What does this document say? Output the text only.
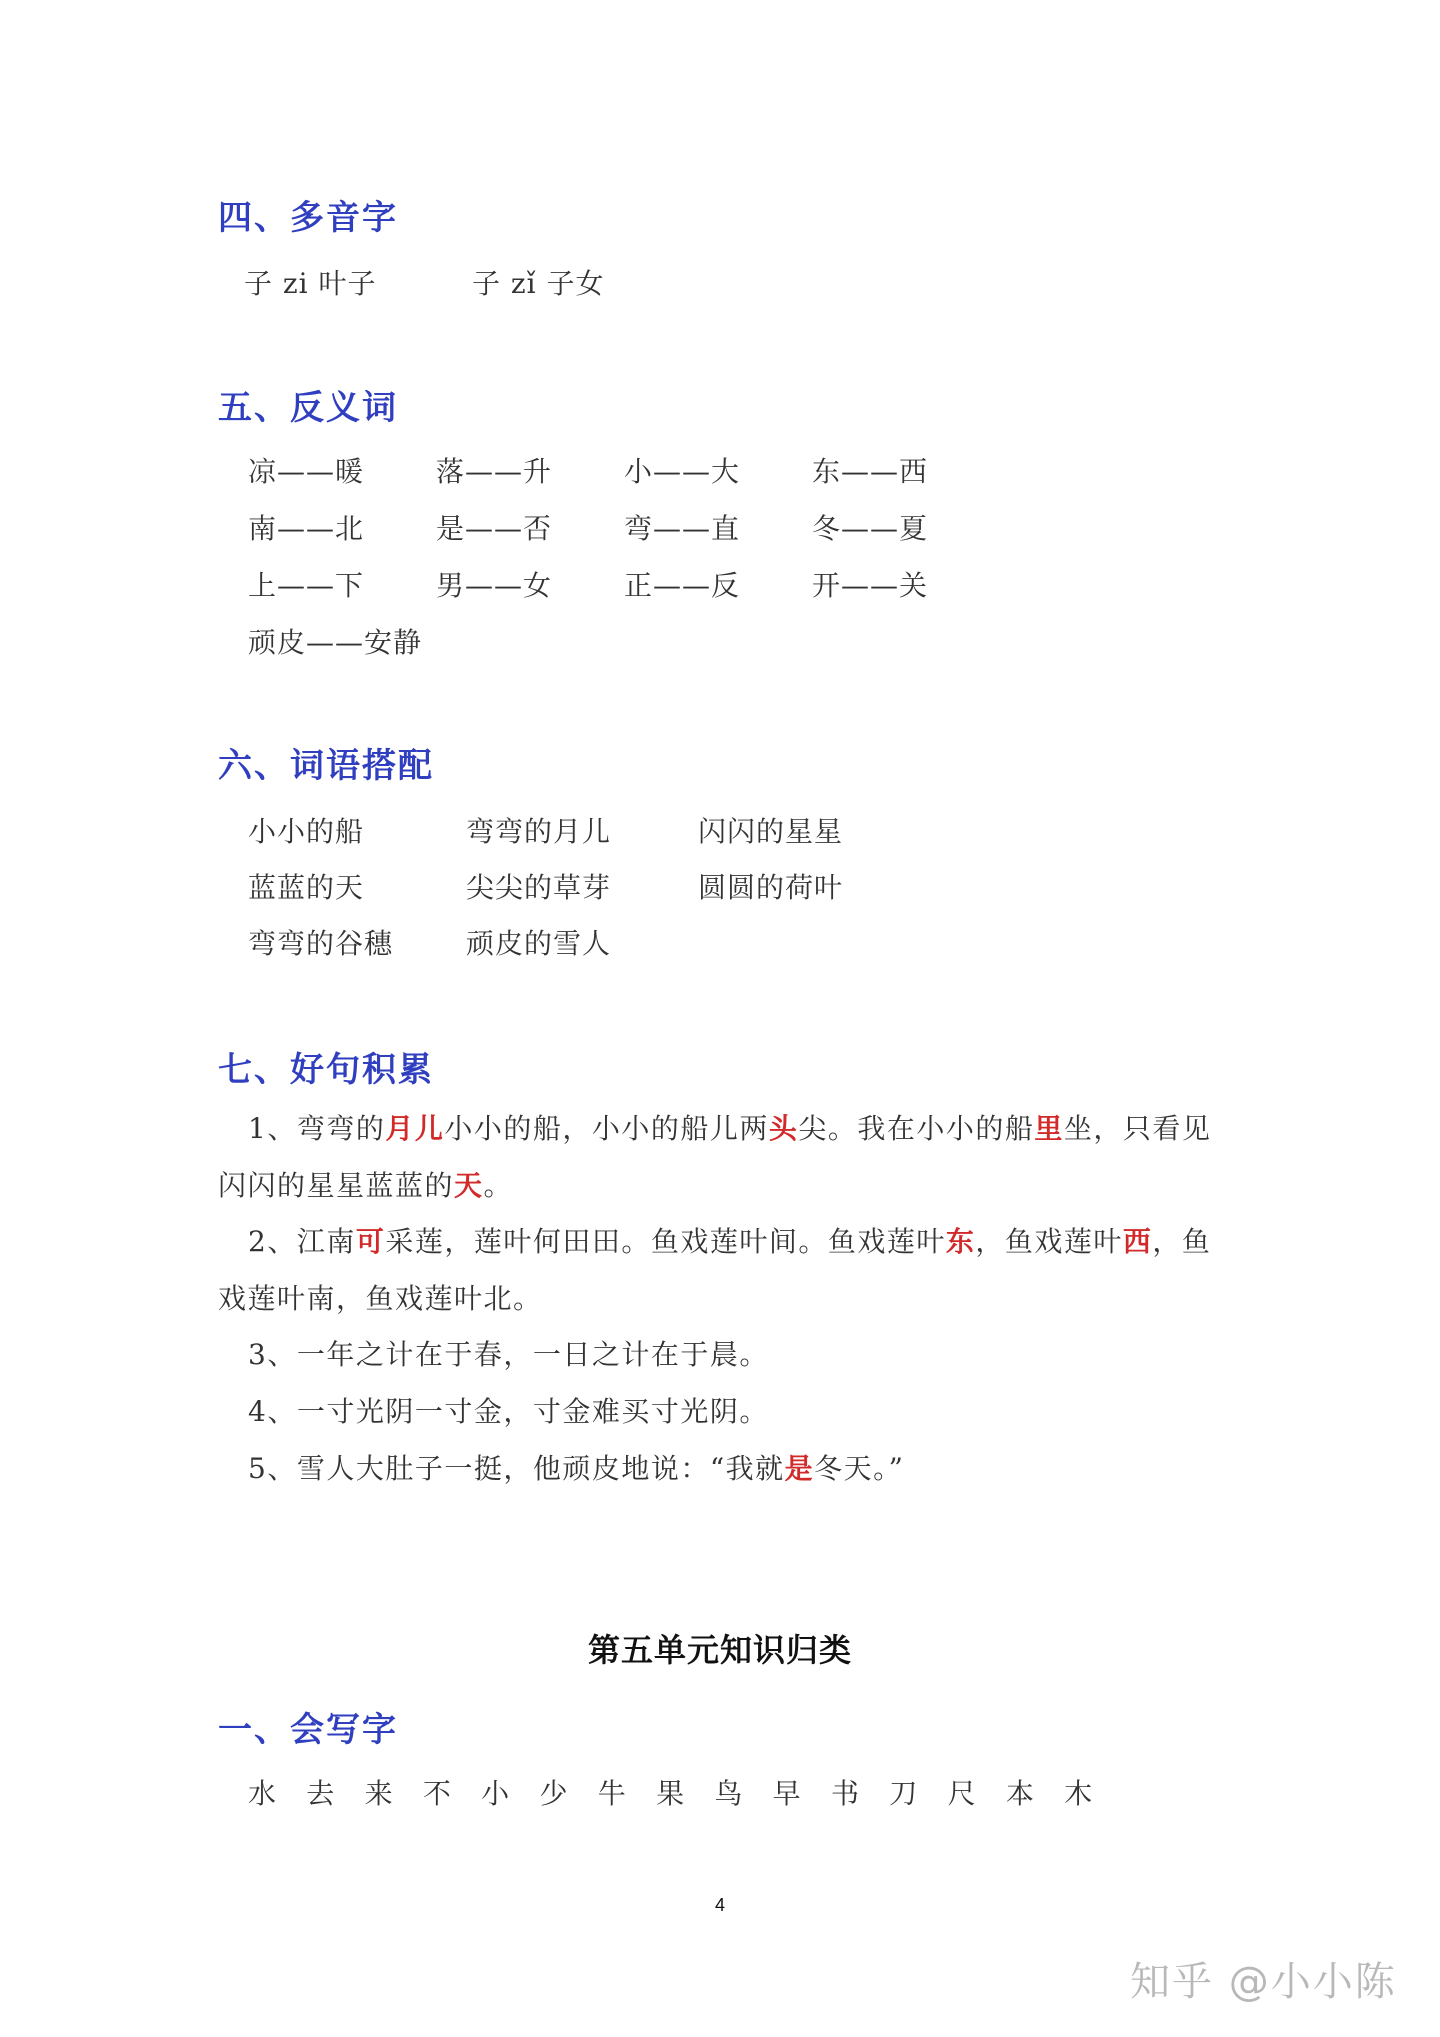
四、多音字
子 zi 叶子	子 zǐ 子女
五、反义词
凉——暖	落——升	小——大	东——西
南——北	是——否	弯——直	冬——夏
上——下	男——女	正——反	开——关
顽皮——安静
六、词语搭配
小小的船	弯弯的月儿	闪闪的星星
蓝蓝的天	尖尖的草芽	圆圆的荷叶
弯弯的谷穗	顽皮的雪人
七、好句积累
1、弯弯的月儿小小的船，小小的船儿两头尖。我在小小的船里坐，只看见闪闪的星星蓝蓝的天。
2、江南可采莲，莲叶何田田。鱼戏莲叶间。鱼戏莲叶东，鱼戏莲叶西，鱼戏莲叶南，鱼戏莲叶北。
3、一年之计在于春，一日之计在于晨。
4、一寸光阴一寸金，寸金难买寸光阴。
5、雪人大肚子一挺，他顽皮地说：“我就是冬天。”
第五单元知识归类
一、会写字
水 去 来 不 小 少 牛 果 鸟 早 书 刀 尺 本 木
4
知乎 @小小陈
